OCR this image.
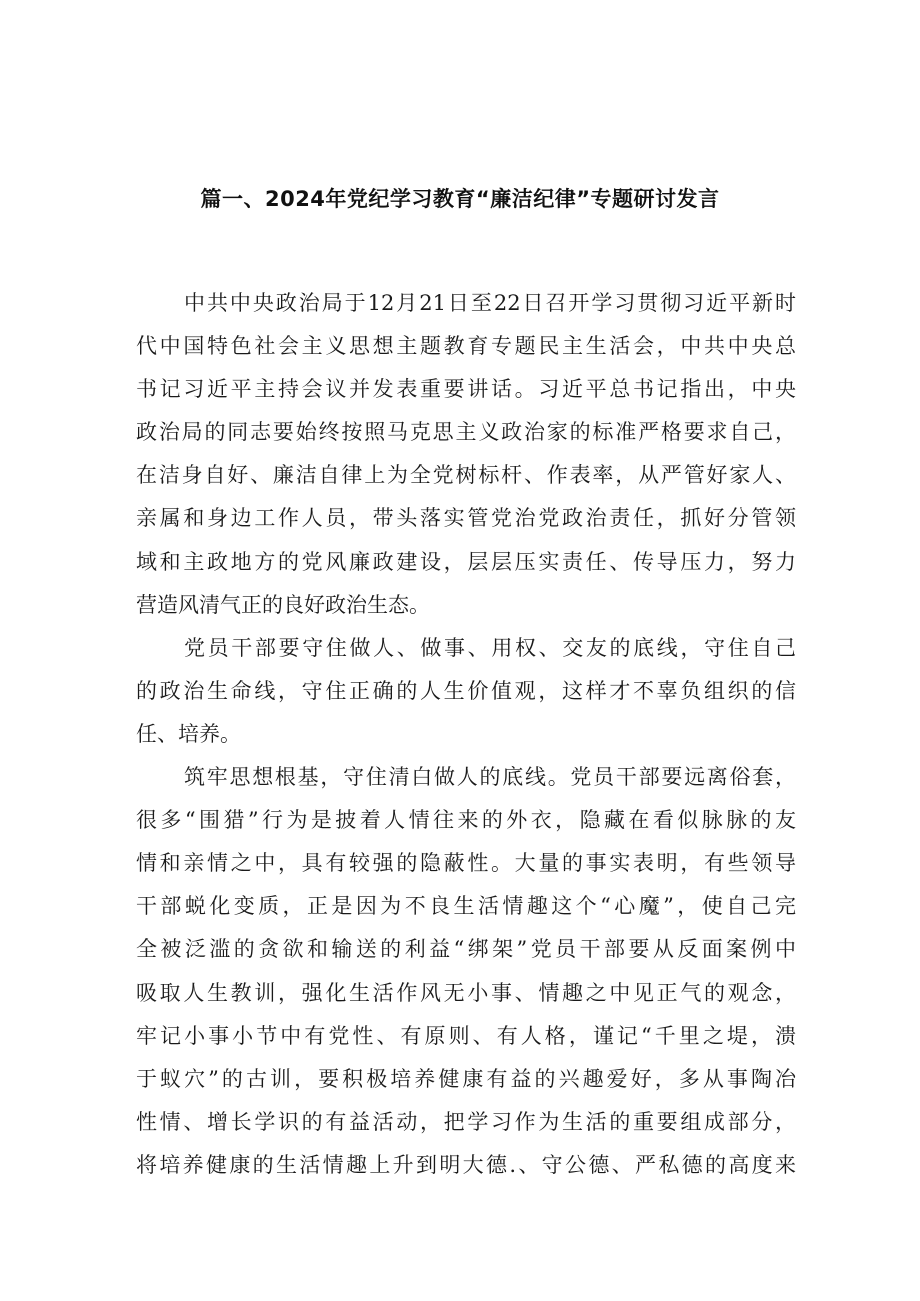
篇一、2024年党纪学习教育“廉洁纪律”专题研讨发言

中共中央政治局于12月21日至22日召开学习贯彻习近平新时
代中国特色社会主义思想主题教育专题民主生活会，中共中央总
书记习近平主持会议并发表重要讲话。习近平总书记指出，中央
政治局的同志要始终按照马克思主义政治家的标准严格要求自己，
在洁身自好、廉洁自律上为全党树标杆、作表率，从严管好家人、
亲属和身边工作人员，带头落实管党治党政治责任，抓好分管领
域和主政地方的党风廉政建设，层层压实责任、传导压力，努力
营造风清气正的良好政治生态。

党员干部要守住做人、做事、用权、交友的底线，守住自己
的政治生命线，守住正确的人生价值观，这样才不辜负组织的信
任、培养。

筑牢思想根基，守住清白做人的底线。党员干部要远离俗套，
很多“围猎”行为是披着人情往来的外衣，隐藏在看似脉脉的友
情和亲情之中，具有较强的隐蔽性。大量的事实表明，有些领导
干部蜕化变质，正是因为不良生活情趣这个“心魔”，使自己完
全被泛滥的贪欲和输送的利益“绑架”党员干部要从反面案例中
吸取人生教训，强化生活作风无小事、情趣之中见正气的观念，
牢记小事小节中有党性、有原则、有人格，谨记“千里之堤，溃
于蚁穴”的古训，要积极培养健康有益的兴趣爱好，多从事陶冶
性情、增长学识的有益活动，把学习作为生活的重要组成部分，
将培养健康的生活情趣上升到明大德.、守公德、严私德的高度来
